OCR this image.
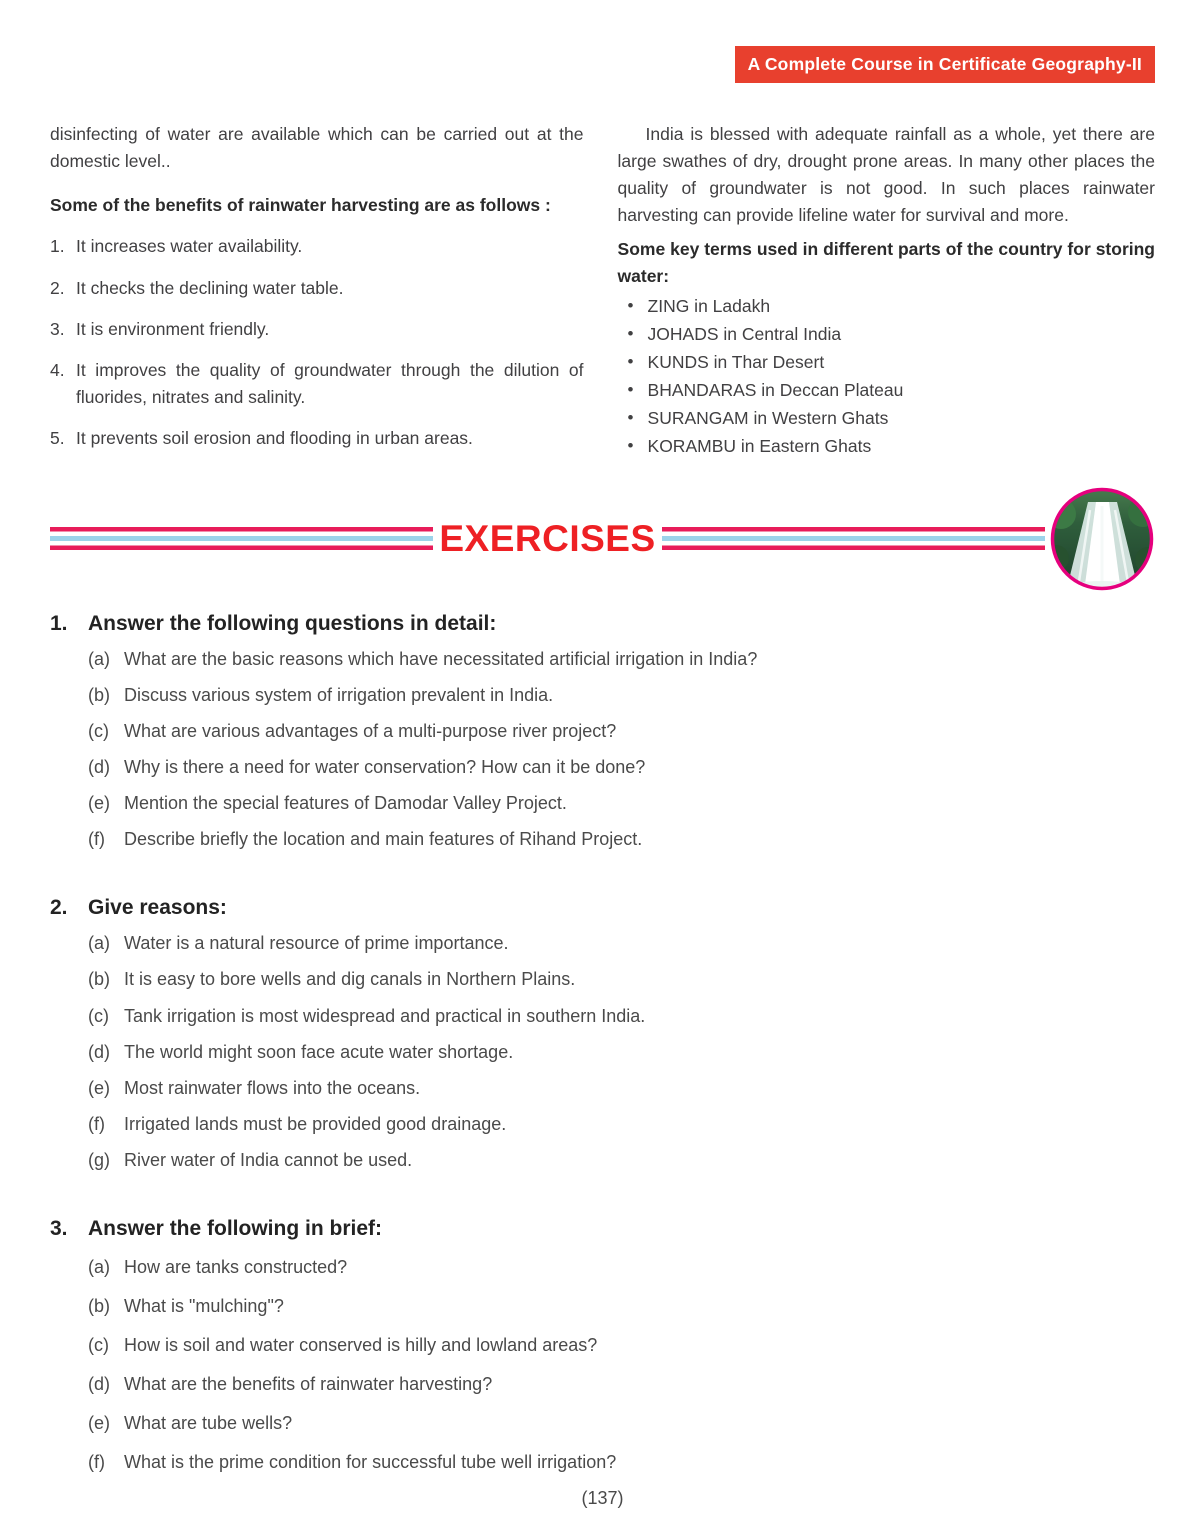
A Complete Course in Certificate Geography-II

disinfecting of water are available which can be carried out at the domestic level..

Some of the benefits of rainwater harvesting are as follows :

1. It increases water availability.
2. It checks the declining water table.
3. It is environment friendly.
4. It improves the quality of groundwater through the dilution of fluorides, nitrates and salinity.
5. It prevents soil erosion and flooding in urban areas.

India is blessed with adequate rainfall as a whole, yet there are large swathes of dry, drought prone areas. In many other places the quality of groundwater is not good. In such places rainwater harvesting can provide lifeline water for survival and more.

Some key terms used in different parts of the country for storing water:

• ZING in Ladakh
• JOHADS in Central India
• KUNDS in Thar Desert
• BHANDARAS in Deccan Plateau
• SURANGAM in Western Ghats
• KORAMBU in Eastern Ghats
EXERCISES
1. Answer the following questions in detail:
(a) What are the basic reasons which have necessitated artificial irrigation in India?
(b) Discuss various system of irrigation prevalent in India.
(c) What are various advantages of a multi-purpose river project?
(d) Why is there a need for water conservation? How can it be done?
(e) Mention the special features of Damodar Valley Project.
(f)	Describe briefly the location and main features of Rihand Project.
2. Give reasons:
(a) Water is a natural resource of prime importance.
(b) It is easy to bore wells and dig canals in Northern Plains.
(c) Tank irrigation is most widespread and practical in southern India.
(d) The world might soon face acute water shortage.
(e) Most rainwater flows into the oceans.
(f)	Irrigated lands must be provided good drainage.
(g) River water of India cannot be used.
3. Answer the following in brief:
(a) How are tanks constructed?
(b) What is "mulching"?
(c) How is soil and water conserved is hilly and lowland areas?
(d) What are the benefits of rainwater harvesting?
(e) What are tube wells?
(f)	What is the prime condition for successful tube well irrigation?
(137)
